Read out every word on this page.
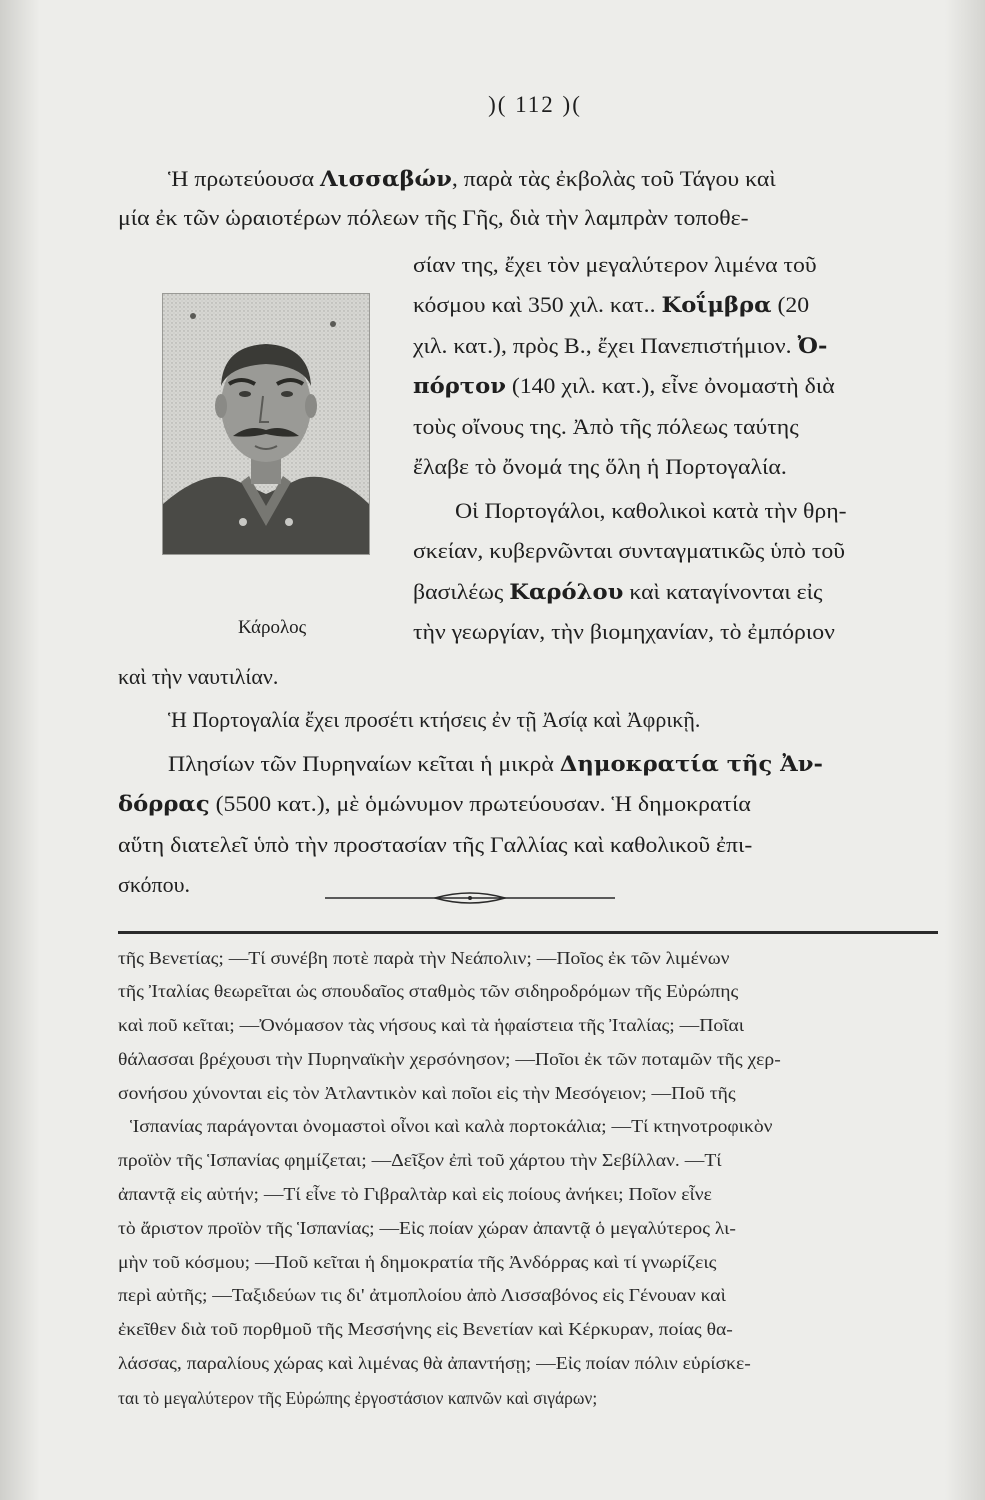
)( 112 )(
Ἡ πρωτεύουσα Λισσαβών, παρὰ τὰς ἐκβολὰς τοῦ Τάγου καὶ
μία ἐκ τῶν ὡραιοτέρων πόλεων τῆς Γῆς, διὰ τὴν λαμπρὰν τοποθε-
σίαν της, ἔχει τὸν μεγαλύτερον λιμένα τοῦ
κόσμου καὶ 350 χιλ. κατ.. Κοΐμβρα (20
χιλ. κατ.), πρὸς Β., ἔχει Πανεπιστήμιον. Ὀ-
πόρτον (140 χιλ. κατ.), εἶνε ὀνομαστὴ διὰ
τοὺς οἴνους της. Ἀπὸ τῆς πόλεως ταύτης
ἔλαβε τὸ ὄνομά της ὅλη ἡ Πορτογαλία.
Οἱ Πορτογάλοι, καθολικοὶ κατὰ τὴν θρη-
σκείαν, κυβερνῶνται συνταγματικῶς ὑπὸ τοῦ
βασιλέως Καρόλου καὶ καταγίνονται εἰς
τὴν γεωργίαν, τὴν βιομηχανίαν, τὸ ἐμπόριον
καὶ τὴν ναυτιλίαν.
Ἡ Πορτογαλία ἔχει προσέτι κτήσεις ἐν τῇ Ἀσίᾳ καὶ Ἀφρικῇ.
Πλησίων τῶν Πυρηναίων κεῖται ἡ μικρὰ Δημοκρατία τῆς Ἀν-
δόρρας (5500 κατ.), μὲ ὁμώνυμον πρωτεύουσαν. Ἡ δημοκρατία
αὕτη διατελεῖ ὑπὸ τὴν προστασίαν τῆς Γαλλίας καὶ καθολικοῦ ἐπι-
σκόπου.
Κάρολος
τῆς Βενετίας; —Τί συνέβη ποτὲ παρὰ τὴν Νεάπολιν; —Ποῖος ἐκ τῶν λιμένων
τῆς Ἰταλίας θεωρεῖται ὡς σπουδαῖος σταθμὸς τῶν σιδηροδρόμων τῆς Εὐρώπης
καὶ ποῦ κεῖται; —Ὀνόμασον τὰς νήσους καὶ τὰ ἡφαίστεια τῆς Ἰταλίας; —Ποῖαι
θάλασσαι βρέχουσι τὴν Πυρηναϊκὴν χερσόνησον; —Ποῖοι ἐκ τῶν ποταμῶν τῆς χερ-
σονήσου χύνονται εἰς τὸν Ἀτλαντικὸν καὶ ποῖοι εἰς τὴν Μεσόγειον; —Ποῦ τῆς
Ἱσπανίας παράγονται ὀνομαστοὶ οἶνοι καὶ καλὰ πορτοκάλια; —Τί κτηνοτροφικὸν
προϊὸν τῆς Ἱσπανίας φημίζεται; —Δεῖξον ἐπὶ τοῦ χάρτου τὴν Σεβίλλαν. —Τί
ἀπαντᾷ εἰς αὐτήν; —Τί εἶνε τὸ Γιβραλτὰρ καὶ εἰς ποίους ἀνήκει; Ποῖον εἶνε
τὸ ἄριστον προϊὸν τῆς Ἱσπανίας; —Εἰς ποίαν χώραν ἀπαντᾷ ὁ μεγαλύτερος λι-
μὴν τοῦ κόσμου; —Ποῦ κεῖται ἡ δημοκρατία τῆς Ἀνδόρρας καὶ τί γνωρίζεις
περὶ αὐτῆς; —Ταξιδεύων τις δι' ἀτμοπλοίου ἀπὸ Λισσαβόνος εἰς Γένουαν καὶ
ἐκεῖθεν διὰ τοῦ πορθμοῦ τῆς Μεσσήνης εἰς Βενετίαν καὶ Κέρκυραν, ποίας θα-
λάσσας, παραλίους χώρας καὶ λιμένας θὰ ἀπαντήσῃ; —Εἰς ποίαν πόλιν εὑρίσκε-
ται τὸ μεγαλύτερον τῆς Εὐρώπης ἐργοστάσιον καπνῶν καὶ σιγάρων;
